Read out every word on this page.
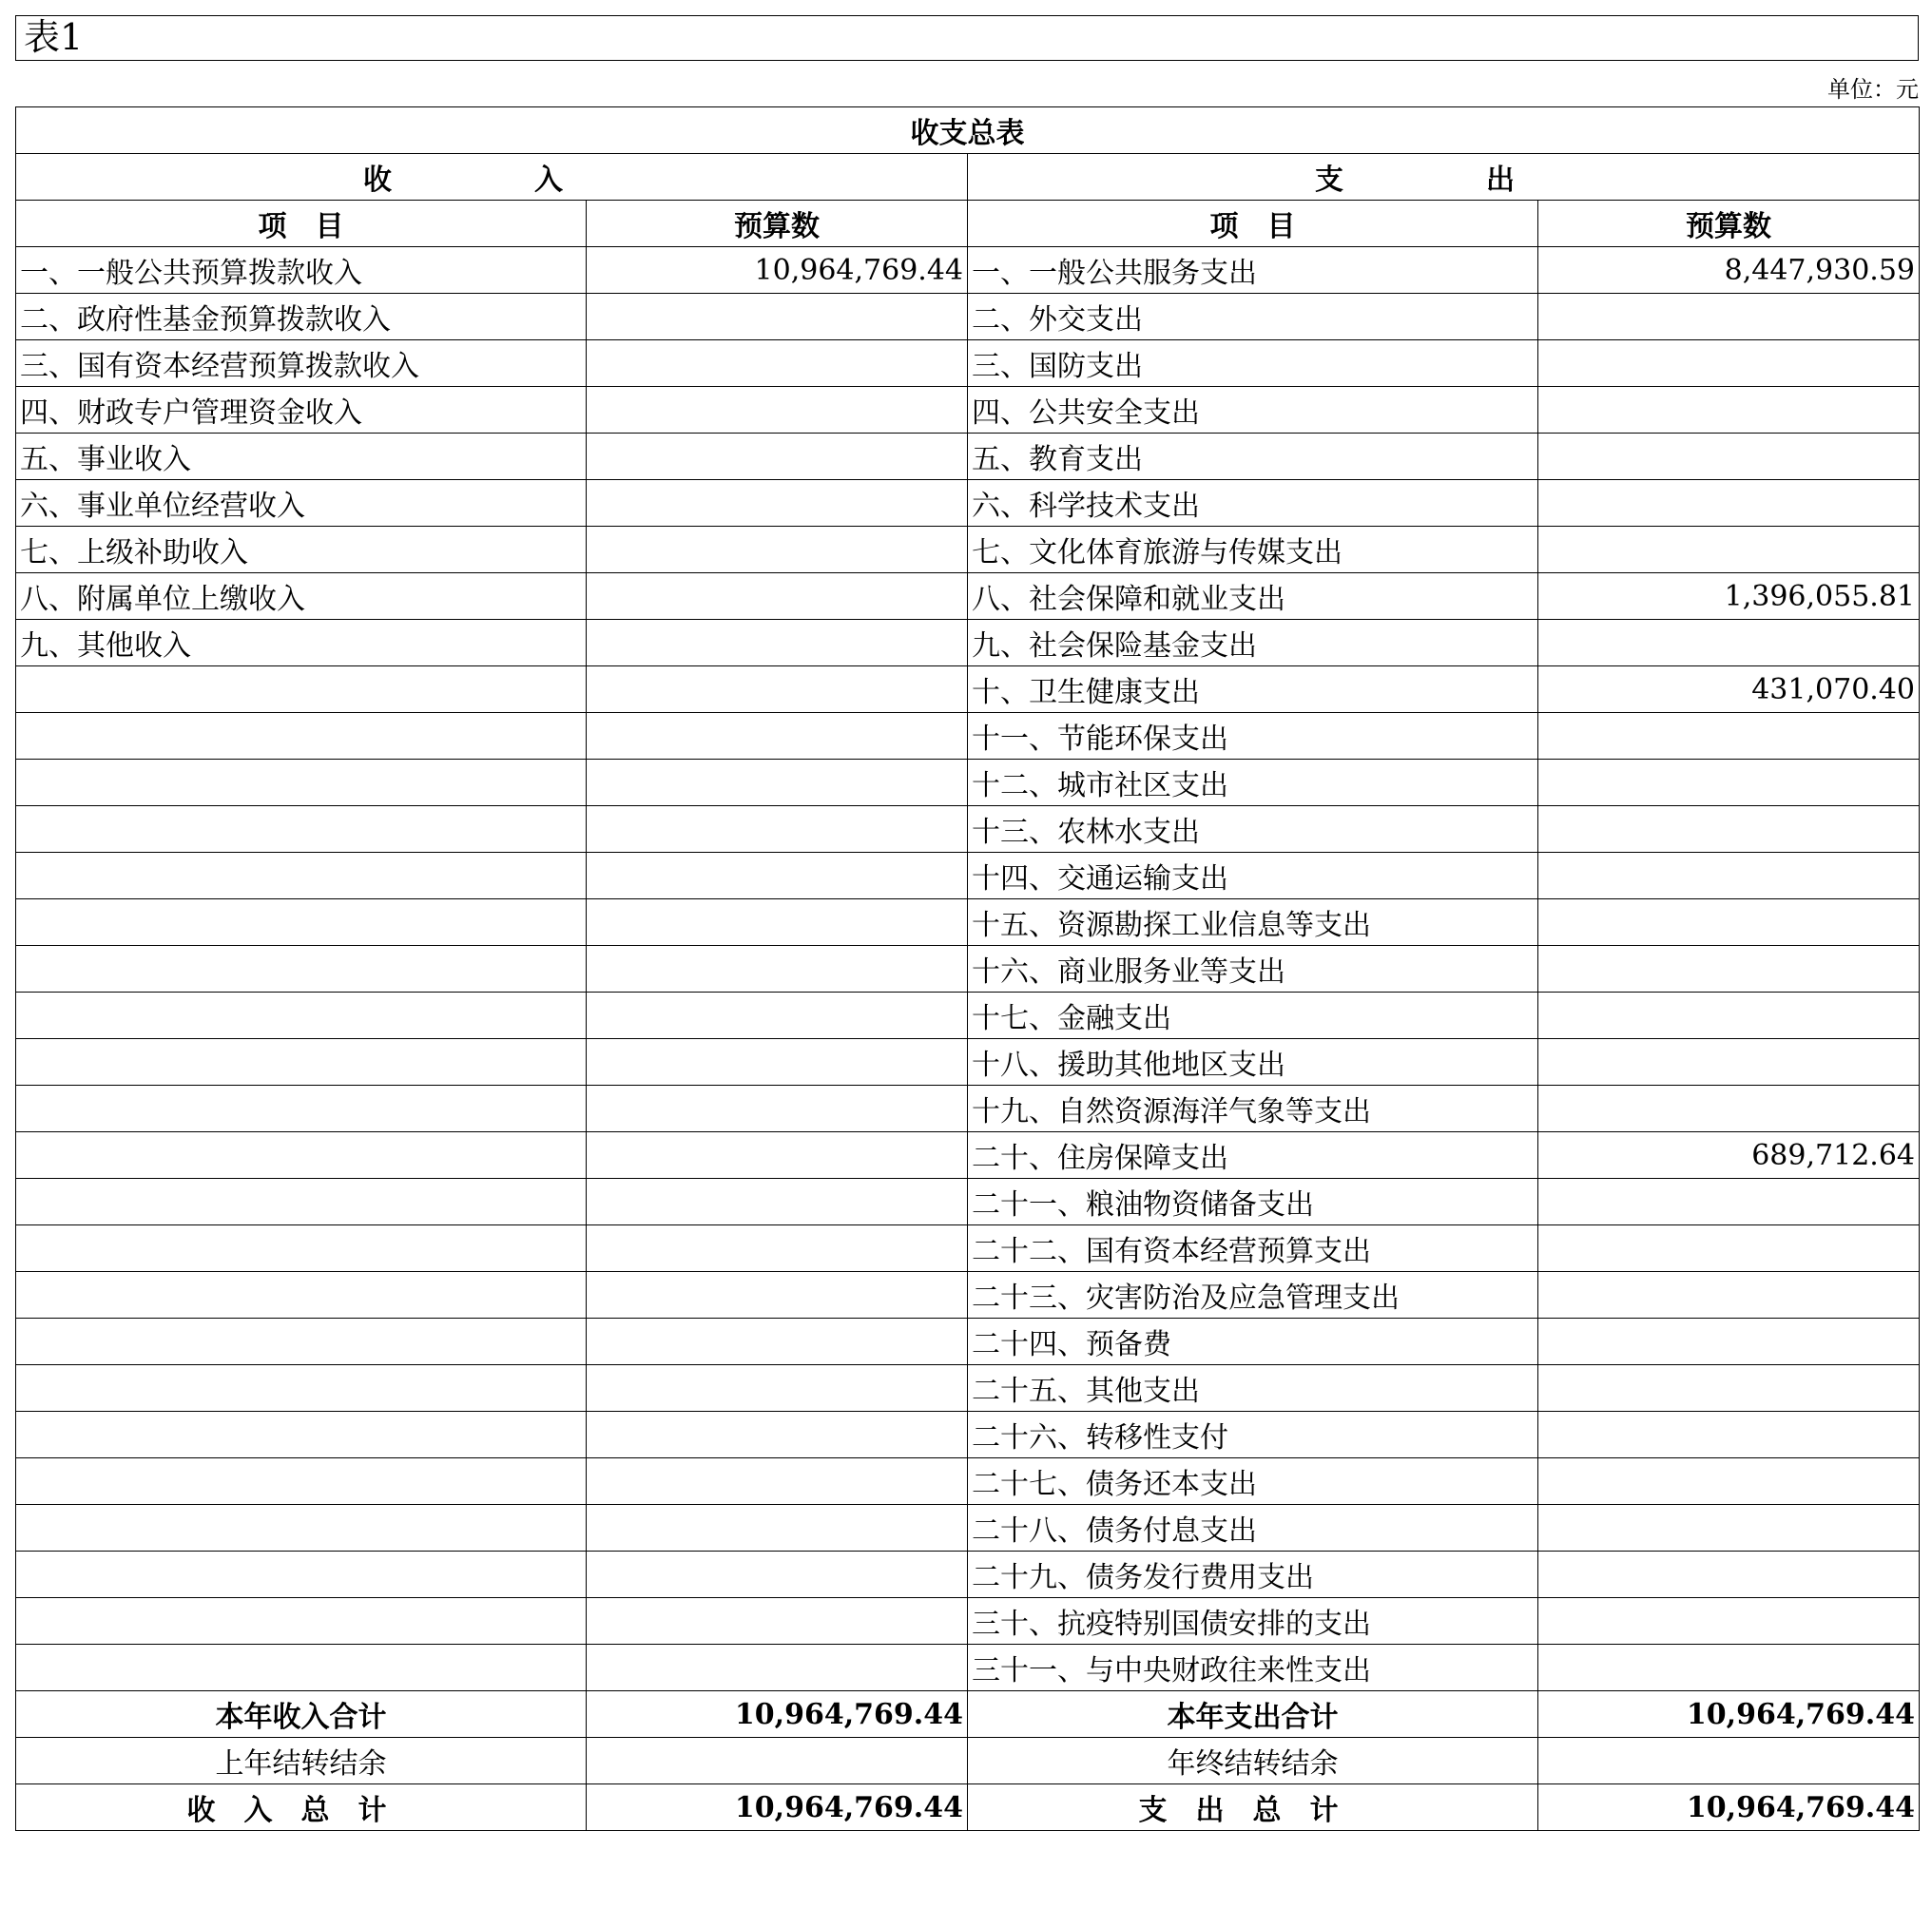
表1
单位：元
收支总表			
收　入		支　出	
项　目	预算数	项　目	预算数
一、一般公共预算拨款收入	10,964,769.44	一、一般公共服务支出	8,447,930.59
二、政府性基金预算拨款收入		二、外交支出	
三、国有资本经营预算拨款收入		三、国防支出	
四、财政专户管理资金收入		四、公共安全支出	
五、事业收入		五、教育支出	
六、事业单位经营收入		六、科学技术支出	
七、上级补助收入		七、文化体育旅游与传媒支出	
八、附属单位上缴收入		八、社会保障和就业支出	1,396,055.81
九、其他收入		九、社会保险基金支出	
		十、卫生健康支出	431,070.40
		十一、节能环保支出	
		十二、城市社区支出	
		十三、农林水支出	
		十四、交通运输支出	
		十五、资源勘探工业信息等支出	
		十六、商业服务业等支出	
		十七、金融支出	
		十八、援助其他地区支出	
		十九、自然资源海洋气象等支出	
		二十、住房保障支出	689,712.64
		二十一、粮油物资储备支出	
		二十二、国有资本经营预算支出	
		二十三、灾害防治及应急管理支出	
		二十四、预备费	
		二十五、其他支出	
		二十六、转移性支付	
		二十七、债务还本支出	
		二十八、债务付息支出	
		二十九、债务发行费用支出	
		三十、抗疫特别国债安排的支出	
		三十一、与中央财政往来性支出	
本年收入合计	10,964,769.44	本年支出合计	10,964,769.44
上年结转结余		年终结转结余	
收入总计	10,964,769.44	支出总计	10,964,769.44
